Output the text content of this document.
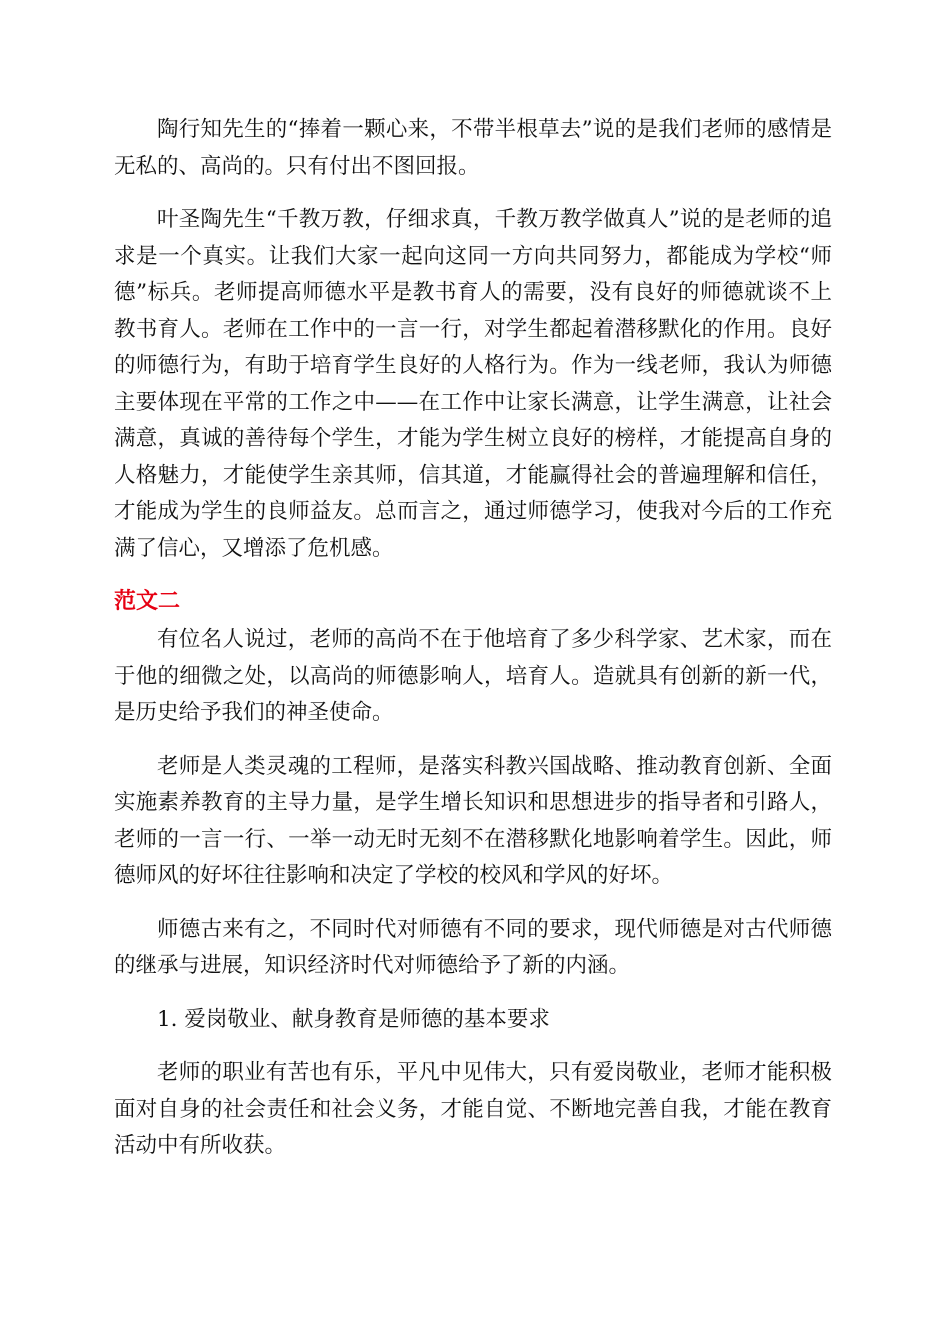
陶行知先生的“捧着一颗心来，不带半根草去”说的是我们老师的感情是无私的、高尚的。只有付出不图回报。

叶圣陶先生“千教万教，仔细求真，千教万教学做真人”说的是老师的追求是一个真实。让我们大家一起向这同一方向共同努力，都能成为学校“师德”标兵。老师提高师德水平是教书育人的需要，没有良好的师德就谈不上教书育人。老师在工作中的一言一行，对学生都起着潜移默化的作用。良好的师德行为，有助于培育学生良好的人格行为。作为一线老师，我认为师德主要体现在平常的工作之中——在工作中让家长满意，让学生满意，让社会满意，真诚的善待每个学生，才能为学生树立良好的榜样，才能提高自身的人格魅力，才能使学生亲其师，信其道，才能赢得社会的普遍理解和信任，才能成为学生的良师益友。总而言之，通过师德学习，使我对今后的工作充满了信心，又增添了危机感。

范文二

有位名人说过，老师的高尚不在于他培育了多少科学家、艺术家，而在于他的细微之处，以高尚的师德影响人，培育人。造就具有创新的新一代，是历史给予我们的神圣使命。

老师是人类灵魂的工程师，是落实科教兴国战略、推动教育创新、全面实施素养教育的主导力量，是学生增长知识和思想进步的指导者和引路人，老师的一言一行、一举一动无时无刻不在潜移默化地影响着学生。因此，师德师风的好坏往往影响和决定了学校的校风和学风的好坏。

师德古来有之，不同时代对师德有不同的要求，现代师德是对古代师德的继承与进展，知识经济时代对师德给予了新的内涵。

1. 爱岗敬业、献身教育是师德的基本要求

老师的职业有苦也有乐，平凡中见伟大，只有爱岗敬业，老师才能积极面对自身的社会责任和社会义务，才能自觉、不断地完善自我，才能在教育活动中有所收获。
